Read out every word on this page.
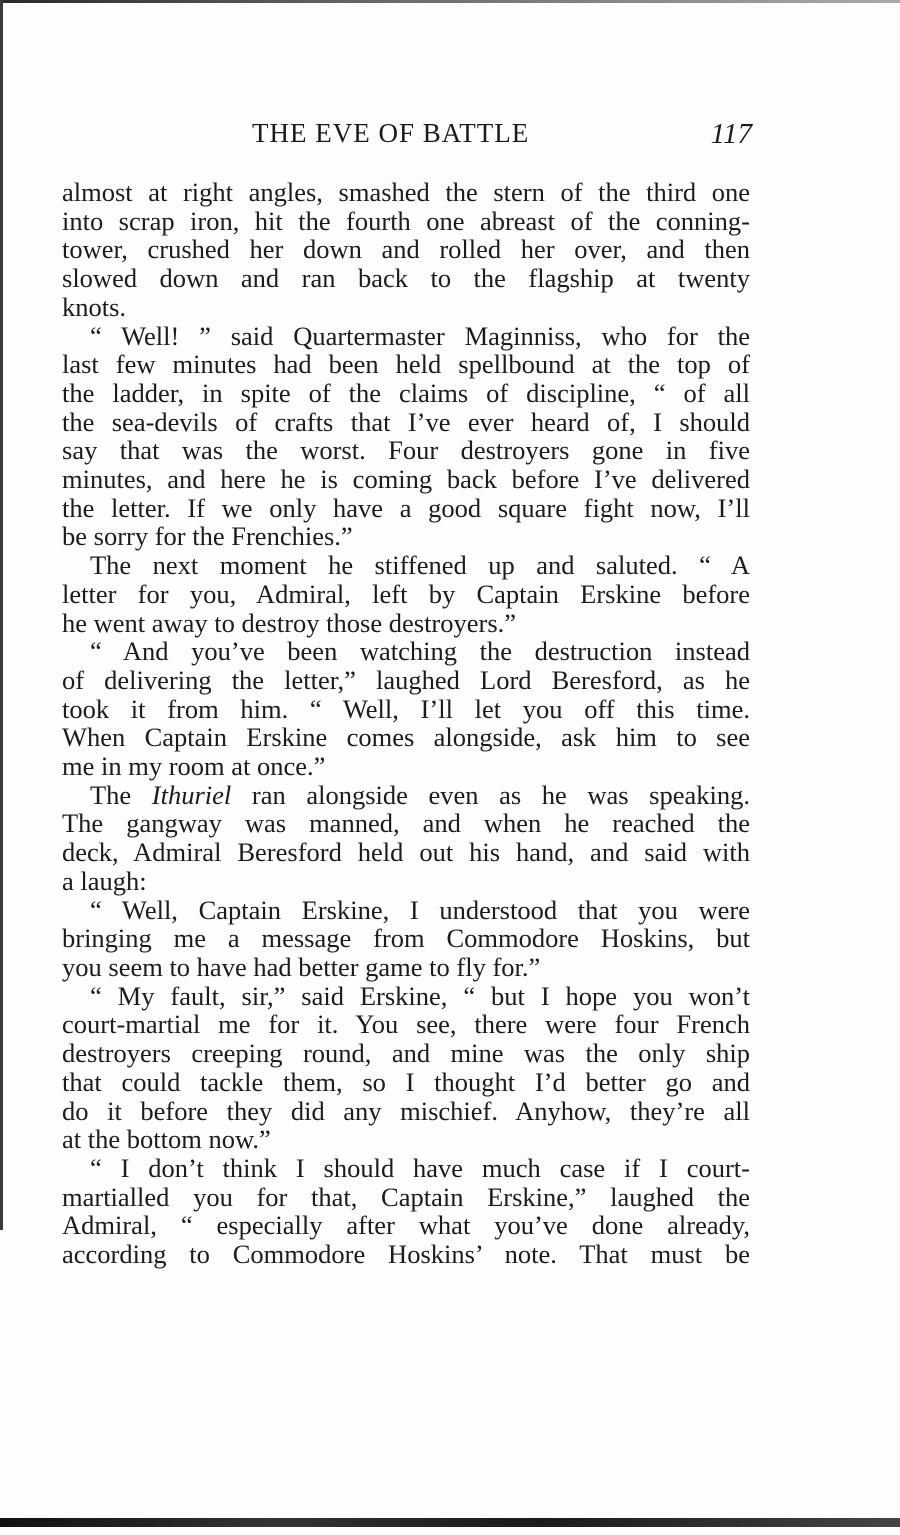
THE EVE OF BATTLE	117
almost at right angles, smashed the stern of the third one
into scrap iron, hit the fourth one abreast of the conning-
tower, crushed her down and rolled her over, and then
slowed down and ran back to the flagship at twenty
knots.
“ Well! ” said Quartermaster Maginniss, who for the
last few minutes had been held spellbound at the top of
the ladder, in spite of the claims of discipline, “ of all
the sea-devils of crafts that I’ve ever heard of, I should
say that was the worst. Four destroyers gone in five
minutes, and here he is coming back before I’ve delivered
the letter. If we only have a good square fight now, I’ll
be sorry for the Frenchies.”
The next moment he stiffened up and saluted. “ A
letter for you, Admiral, left by Captain Erskine before
he went away to destroy those destroyers.”
“ And you’ve been watching the destruction instead
of delivering the letter,” laughed Lord Beresford, as he
took it from him. “ Well, I’ll let you off this time.
When Captain Erskine comes alongside, ask him to see
me in my room at once.”
The Ithuriel ran alongside even as he was speaking.
The gangway was manned, and when he reached the
deck, Admiral Beresford held out his hand, and said with
a laugh:
“ Well, Captain Erskine, I understood that you were
bringing me a message from Commodore Hoskins, but
you seem to have had better game to fly for.”
“ My fault, sir,” said Erskine, “ but I hope you won’t
court-martial me for it. You see, there were four French
destroyers creeping round, and mine was the only ship
that could tackle them, so I thought I’d better go and
do it before they did any mischief. Anyhow, they’re all
at the bottom now.”
“ I don’t think I should have much case if I court-
martialled you for that, Captain Erskine,” laughed the
Admiral, “ especially after what you’ve done already,
according to Commodore Hoskins’ note. That must be
